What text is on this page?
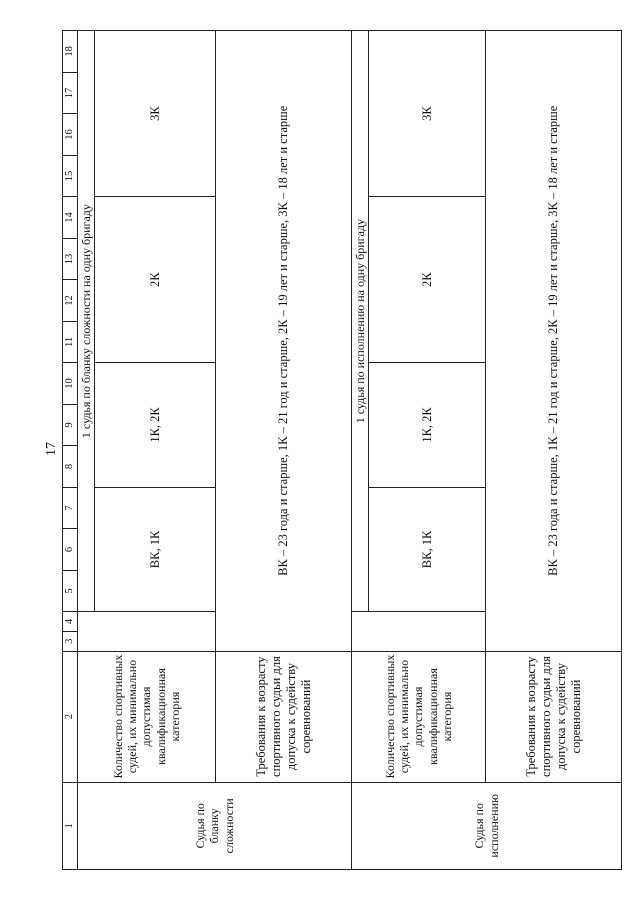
17
1	2	3	4	5	6	7	8	9	10	11	12	13	14	15	16	17	18
Судья по бланку сложности	Количество спортивных судей, их минимально допустимая квалификационная категория			1 судья по бланку сложности на одну бригаду													
				ВК, 1К			1К, 2К			2К				3К			
	Требования к возрасту спортивного судьи для допуска к судейству соревнований	ВК – 23 года и старше, 1К – 21 год и старше, 2К – 19 лет и старше, 3К – 18 лет и старше															

Судья по исполнению	Количество спортивных судей, их минимально допустимая квалификационная категория			1 судья по исполнению на одну бригаду													
				ВК, 1К			1К, 2К			2К				3К			
	Требования к возрасту спортивного судьи для допуска к судейству соревнований	ВК – 23 года и старше, 1К – 21 год и старше, 2К – 19 лет и старше, 3К – 18 лет и старше															
